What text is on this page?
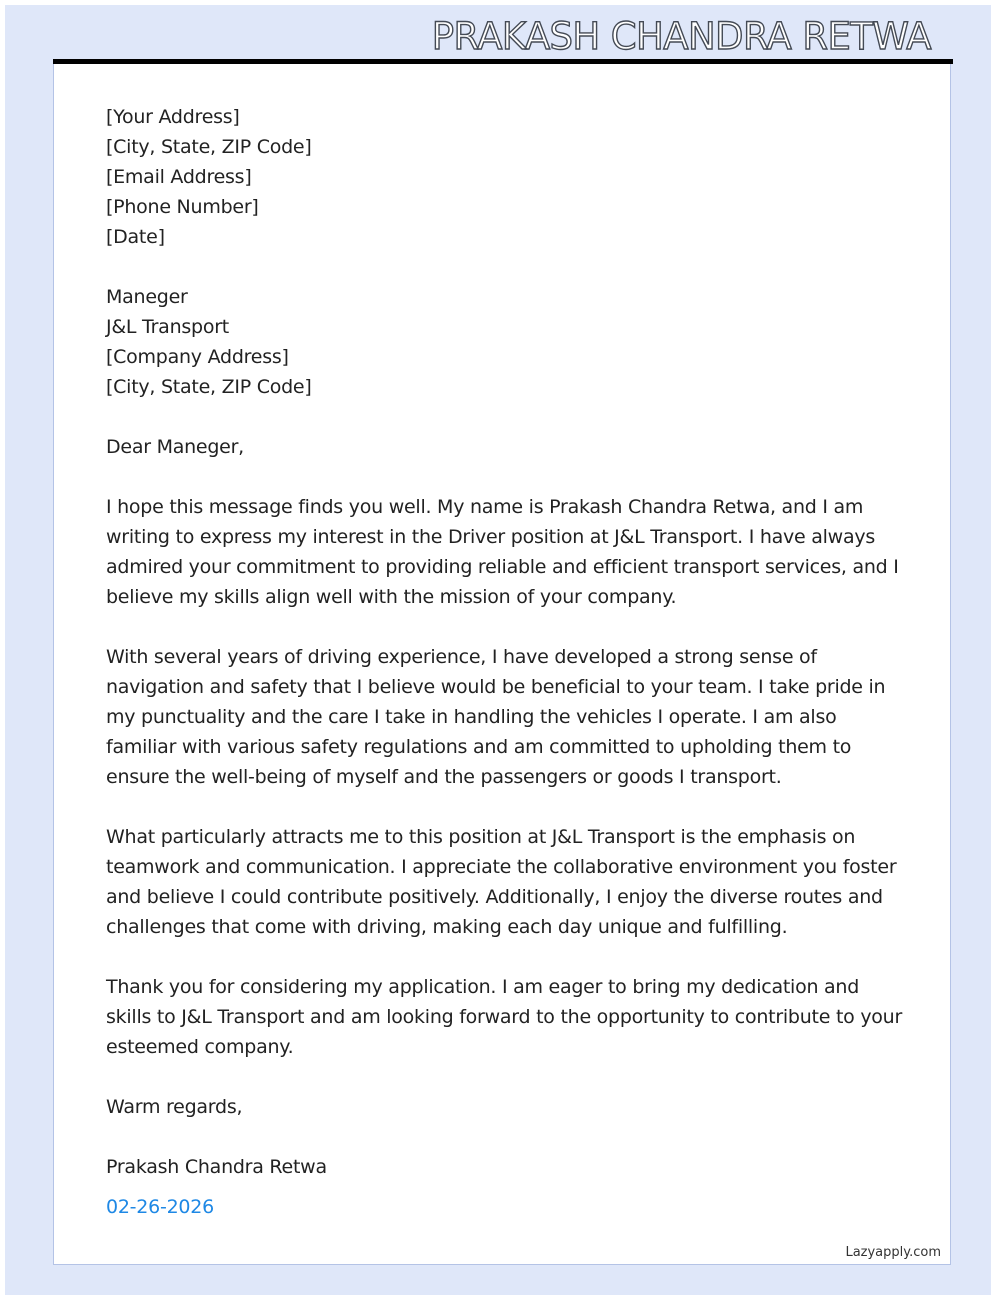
PRAKASH CHANDRA RETWA
[Your Address]
[City, State, ZIP Code]
[Email Address]
[Phone Number]
[Date]
Maneger
J&L Transport
[Company Address]
[City, State, ZIP Code]

Dear Maneger,

I hope this message finds you well. My name is Prakash Chandra Retwa, and I am writing to express my interest in the Driver position at J&L Transport. I have always admired your commitment to providing reliable and efficient transport services, and I believe my skills align well with the mission of your company.

With several years of driving experience, I have developed a strong sense of navigation and safety that I believe would be beneficial to your team. I take pride in my punctuality and the care I take in handling the vehicles I operate. I am also familiar with various safety regulations and am committed to upholding them to ensure the well-being of myself and the passengers or goods I transport.

What particularly attracts me to this position at J&L Transport is the emphasis on teamwork and communication. I appreciate the collaborative environment you foster and believe I could contribute positively. Additionally, I enjoy the diverse routes and challenges that come with driving, making each day unique and fulfilling.

Thank you for considering my application. I am eager to bring my dedication and skills to J&L Transport and am looking forward to the opportunity to contribute to your esteemed company.

Warm regards,

Prakash Chandra Retwa

02-26-2026

Lazyapply.com
